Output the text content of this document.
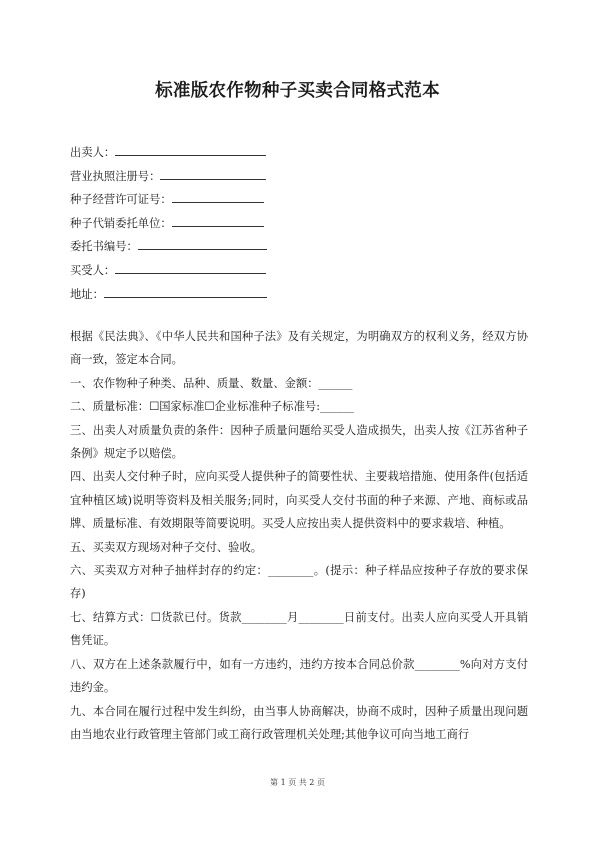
标准版农作物种子买卖合同格式范本
出卖人：
营业执照注册号：
种子经营许可证号：
种子代销委托单位：
委托书编号：
买受人：
地址：

根据《民法典》、《中华人民共和国种子法》及有关规定，为明确双方的权利义务，经双方协商一致，签定本合同。

一、农作物种子种类、品种、质量、数量、金额：______

二、质量标准：☐国家标准☐企业标准种子标准号:______

三、出卖人对质量负责的条件：因种子质量问题给买受人造成损失，出卖人按《江苏省种子条例》规定予以赔偿。

四、出卖人交付种子时，应向买受人提供种子的简要性状、主要栽培措施、使用条件(包括适宜种植区域)说明等资料及相关服务;同时，向买受人交付书面的种子来源、产地、商标或品牌、质量标准、有效期限等简要说明。买受人应按出卖人提供资料中的要求栽培、种植。

五、买卖双方现场对种子交付、验收。

六、买卖双方对种子抽样封存的约定：________。(提示：种子样品应按种子存放的要求保存)

七、结算方式：☐货款已付。货款________月________日前支付。出卖人应向买受人开具销售凭证。

八、双方在上述条款履行中，如有一方违约，违约方按本合同总价款________%向对方支付违约金。

九、本合同在履行过程中发生纠纷，由当事人协商解决，协商不成时，因种子质量出现问题由当地农业行政管理主管部门或工商行政管理机关处理;其他争议可向当地工商行

第 1 页 共 2 页
